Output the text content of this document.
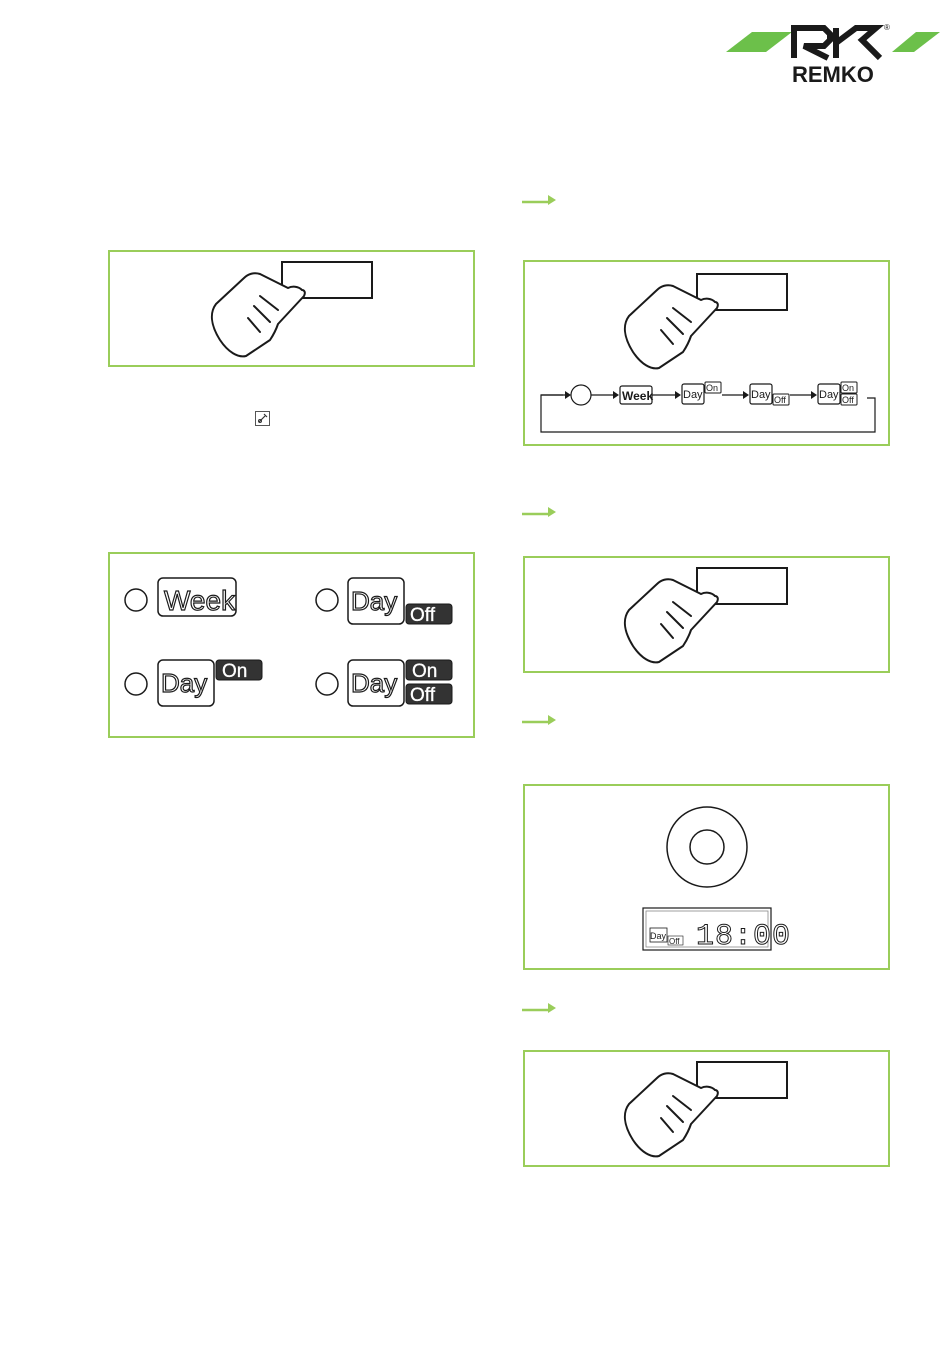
REMKO
®
Week	Day Off
Day On	Day On
Off
Week	Day
On
Day Off	Day
On
Off
Day
Off 18:00
